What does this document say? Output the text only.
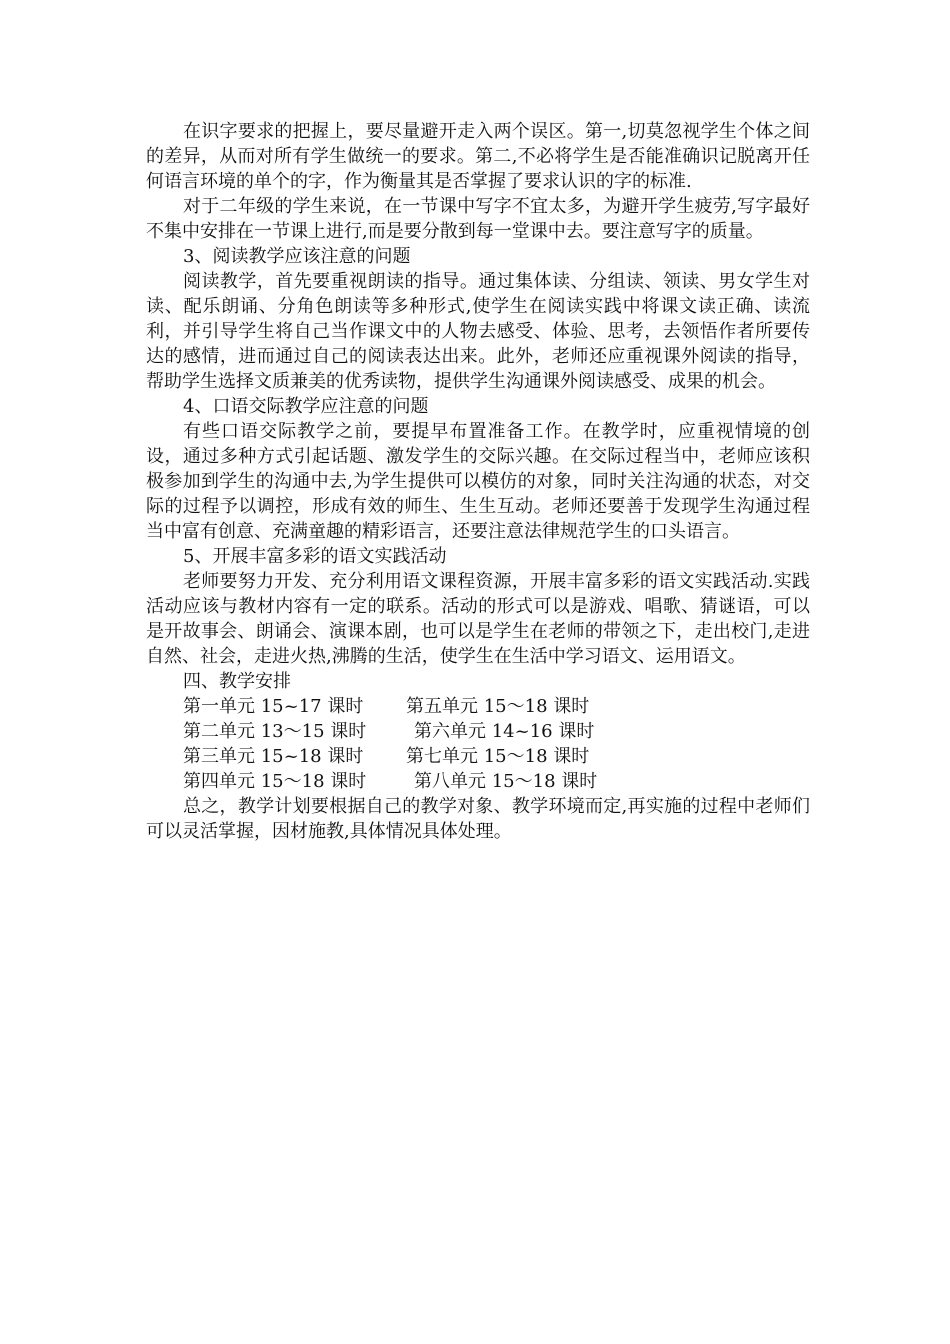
在识字要求的把握上，要尽量避开走入两个误区。第一,切莫忽视学生个体之间的差异，从而对所有学生做统一的要求。第二,不必将学生是否能准确识记脱离开任何语言环境的单个的字，作为衡量其是否掌握了要求认识的字的标准.

对于二年级的学生来说，在一节课中写字不宜太多，为避开学生疲劳,写字最好不集中安排在一节课上进行,而是要分散到每一堂课中去。要注意写字的质量。

3、阅读教学应该注意的问题

阅读教学，首先要重视朗读的指导。通过集体读、分组读、领读、男女学生对读、配乐朗诵、分角色朗读等多种形式,使学生在阅读实践中将课文读正确、读流利，并引导学生将自己当作课文中的人物去感受、体验、思考，去领悟作者所要传达的感情，进而通过自己的阅读表达出来。此外，老师还应重视课外阅读的指导，帮助学生选择文质兼美的优秀读物，提供学生沟通课外阅读感受、成果的机会。

4、口语交际教学应注意的问题

有些口语交际教学之前，要提早布置准备工作。在教学时，应重视情境的创设，通过多种方式引起话题、激发学生的交际兴趣。在交际过程当中，老师应该积极参加到学生的沟通中去,为学生提供可以模仿的对象，同时关注沟通的状态，对交际的过程予以调控，形成有效的师生、生生互动。老师还要善于发现学生沟通过程当中富有创意、充满童趣的精彩语言，还要注意法律规范学生的口头语言。

5、开展丰富多彩的语文实践活动

老师要努力开发、充分利用语文课程资源，开展丰富多彩的语文实践活动.实践活动应该与教材内容有一定的联系。活动的形式可以是游戏、唱歌、猜谜语，可以是开故事会、朗诵会、演课本剧，也可以是学生在老师的带领之下，走出校门,走进自然、社会，走进火热,沸腾的生活，使学生在生活中学习语文、运用语文。

四、教学安排

第一单元 15~17 课时 第五单元 15～18 课时
第二单元 13～15 课时	第六单元 14~16 课时
第三单元 15~18 课时 第七单元 15～18 课时
第四单元 15～18 课时	第八单元 15～18 课时

总之，教学计划要根据自己的教学对象、教学环境而定,再实施的过程中老师们可以灵活掌握，因材施教,具体情况具体处理。
